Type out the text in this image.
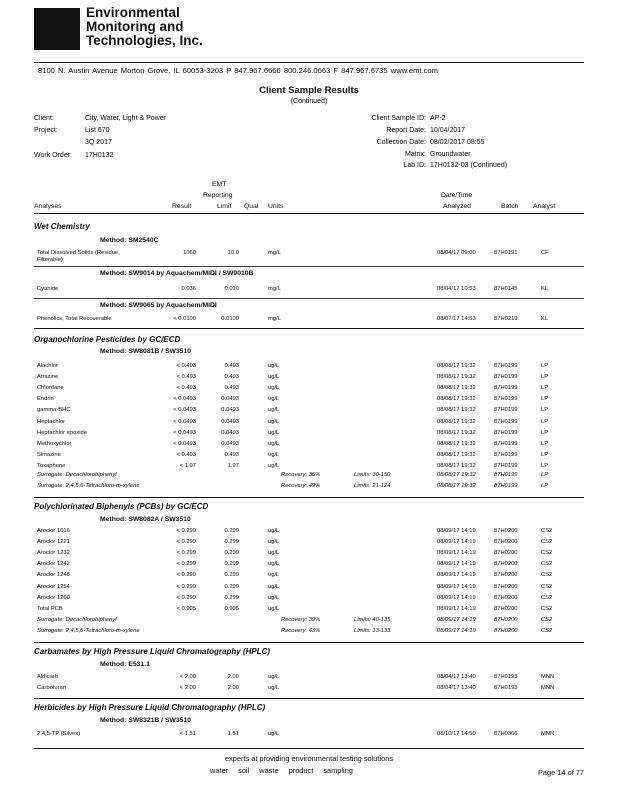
Environmental
Monitoring and
Technologies, Inc.
8100 N. Austin Avenue Morton Grove, IL 60053-3203 P 847.967.6666 800.246.0663 F 847.967.6735 www.emt.com
Client Sample Results
(Continued)
Client:	City, Water, Light & Power
Project:	List 670
3Q 2017
Work Order: 17H0132
Client Sample ID: AP-2
Report Date: 10/04/2017
Collection Date: 08/02/2017 08:55
Matrix: Groundwater
Lab ID: 17H0132-03 (Continued)
EMT
Reporting
Analyses	Result	Limit Qual Units
Date/Time
Analyzed	Batch Analyst
Wet Chemistry
Method: SM2540C
Total Dissolved Solids (Residue,
Filterable)
1060	10.0	mg/L	08/04/17 09:00	87H0191	CF
Method: SW9014 by Aquachem/MIDI / SW9010B
Cyanide	0.036	0.010	mg/L	08/04/17 10:53	87H0145	KL
Method: SW9065 by Aquachem/MIDI
Phenolics, Total Recoverable	< 0.0100	0.0100	mg/L	08/07/17 14:53	87H0219	KL
Organochlorine Pesticides by GC/ECD
Method: SW8081B / SW3510
Alachlor	< 0.493	0.493	ug/L	08/08/17 19:32	87H0199	LP
Atrazine	< 0.493	0.493	ug/L	08/08/17 19:32	87H0199	LP
Chlordane	< 0.493	0.493	ug/L	08/08/17 19:32	87H0199	LP
Endrin	< 0.0493	0.0493	ug/L	08/08/17 19:32	87H0199	LP
gamma-BHC	< 0.0493	0.0493	ug/L	08/08/17 19:32	87H0199	LP
Heptachlor	< 0.0493	0.0493	ug/L	08/08/17 19:32	87H0199	LP
Heptachlor epoxide	< 0.0493	0.0493	ug/L	08/08/17 19:32	87H0199	LP
Methoxychlor	< 0.0493	0.0493	ug/L	08/08/17 19:32	87H0199	LP
Simazine	< 0.493	0.493	ug/L	08/08/17 19:32	87H0199	LP
Toxaphene	< 1.97	1.97	ug/L	08/08/17 19:32	87H0199	LP
Surrogate: Decachlorobiphenyl	Recovery: 35%	Limits: 30-150	08/08/17 19:32	87H0199	LP
Surrogate: 2,4,5,6-Tetrachloro-m-xylene	Recovery: 49%	Limits: 21-124	08/08/17 19:32	87H0199	LP
Polychlorinated Biphenyls (PCBs) by GC/ECD
Method: SW8082A / SW3510
Aroclor 1016	< 0.299	0.299	ug/L	08/09/17 14:19	87H0200	CS2
Aroclor 1221	< 0.299	0.299	ug/L	08/09/17 14:19	87H0200	CS2
Aroclor 1232	< 0.299	0.299	ug/L	08/09/17 14:19	87H0200	CS2
Aroclor 1242	< 0.299	0.299	ug/L	08/09/17 14:19	87H0200	CS2
Aroclor 1248	< 0.299	0.299	ug/L	08/09/17 14:19	87H0200	CS2
Aroclor 1254	< 0.299	0.299	ug/L	08/09/17 14:19	87H0200	CS2
Aroclor 1260	< 0.299	0.299	ug/L	08/09/17 14:19	87H0200	CS2
Total PCB	< 0.995	0.995	ug/L	08/09/17 14:19	87H0200	CS2
Surrogate: Decachlorobiphenyl	Recovery: 39%	Limits: 40-135	08/09/17 14:19	87H0200	CS2
Surrogate: 2,4,5,6-Tetrachloro-m-xylene	Recovery: 43%	Limits: 13-133	08/09/17 14:19	87H0200	CS2
Carbamates by High Pressure Liquid Chromatography (HPLC)
Method: E531.1
Aldicarb	< 2.00	2.00	ug/L	08/04/17 13:40	87H0193	MNN
Carbofuran	< 2.00	2.00	ug/L	08/04/17 13:40	87H0193	MNN
Herbicides by High Pressure Liquid Chromatography (HPLC)
Method: SW8321B / SW3510
2,4,5-TP (Silvex)	< 1.51	1.51	ug/L	08/10/17 14:50	87H0366	MNN
experts at providing environmental testing solutions
water soil waste product sampling	Page 14 of 77
